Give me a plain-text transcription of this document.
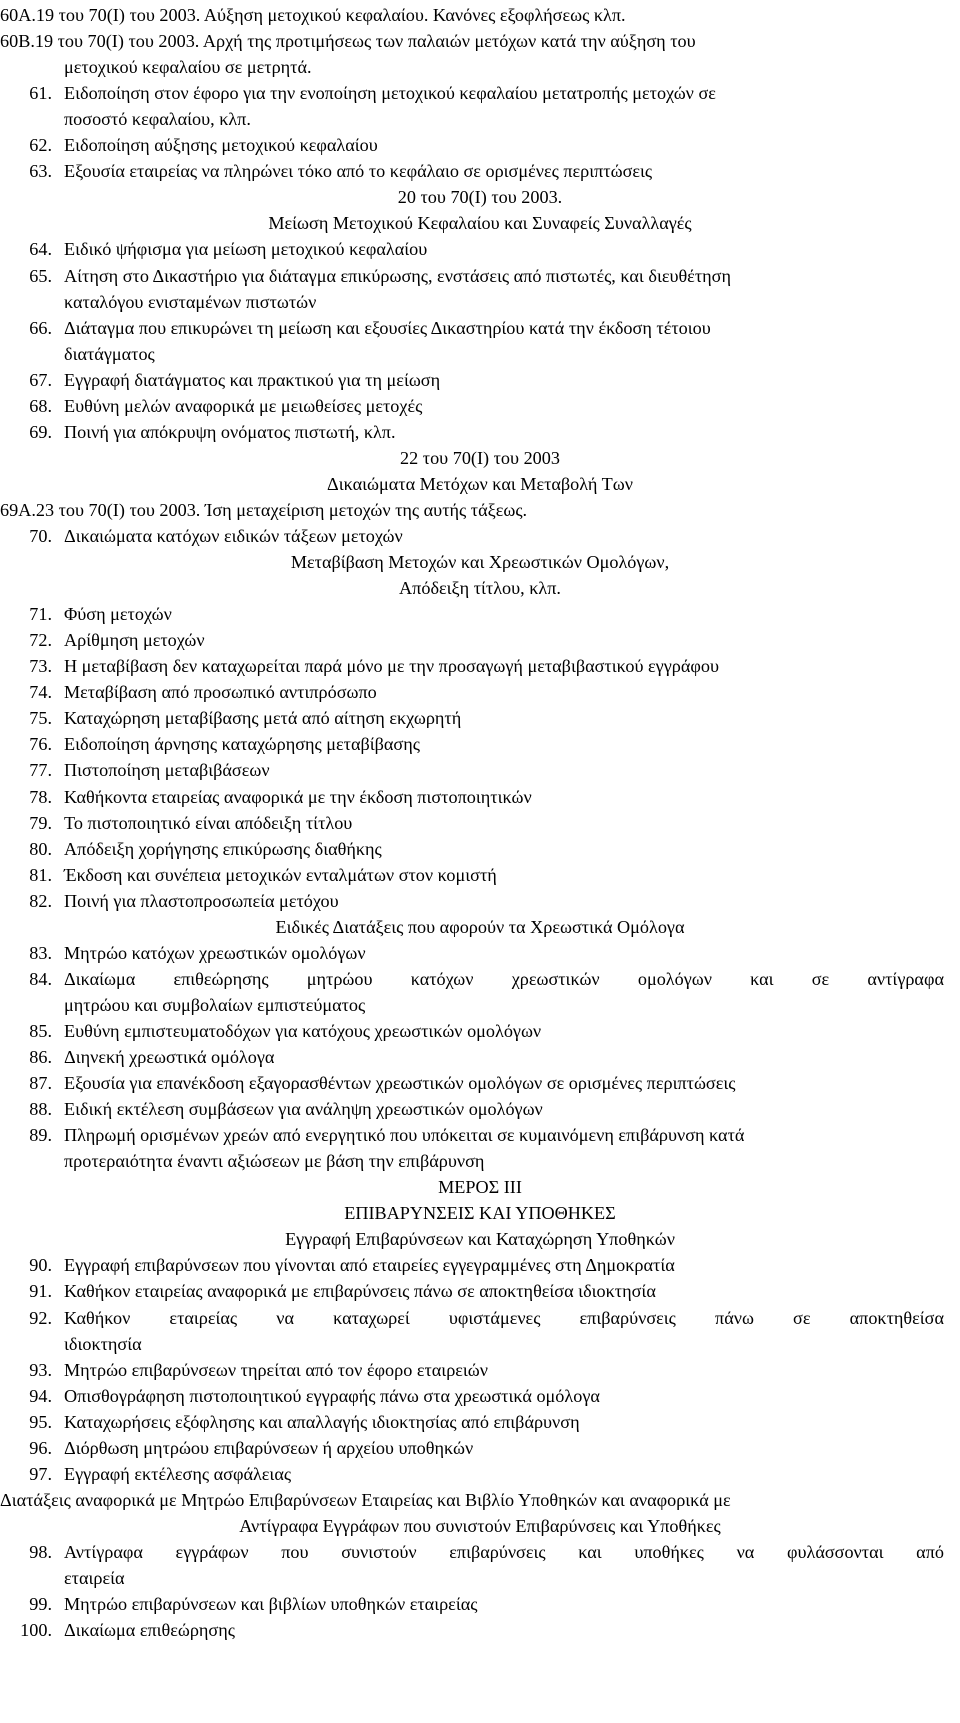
60Α.19 του 70(Ι) του 2003. Αύξηση μετοχικού κεφαλαίου. Κανόνες εξοφλήσεως κλπ.
60Β.19 του 70(Ι) του 2003. Αρχή της προτιμήσεως των παλαιών μετόχων κατά την αύξηση του
μετοχικού κεφαλαίου σε μετρητά.
61. Ειδοποίηση στον έφορο για την ενοποίηση μετοχικού κεφαλαίου μετατροπής μετοχών σε
ποσοστό κεφαλαίου, κλπ.
62. Ειδοποίηση αύξησης μετοχικού κεφαλαίου
63. Εξουσία εταιρείας να πληρώνει τόκο από το κεφάλαιο σε ορισμένες περιπτώσεις
20 του 70(Ι) του 2003.
Μείωση Μετοχικού Κεφαλαίου και Συναφείς Συναλλαγές
64. Ειδικό ψήφισμα για μείωση μετοχικού κεφαλαίου
65. Αίτηση στο Δικαστήριο για διάταγμα επικύρωσης, ενστάσεις από πιστωτές, και διευθέτηση
καταλόγου ενισταμένων πιστωτών
66. Διάταγμα που επικυρώνει τη μείωση και εξουσίες Δικαστηρίου κατά την έκδοση τέτοιου
διατάγματος
67. Εγγραφή διατάγματος και πρακτικού για τη μείωση
68. Ευθύνη μελών αναφορικά με μειωθείσες μετοχές
69. Ποινή για απόκρυψη ονόματος πιστωτή, κλπ.
22 του 70(Ι) του 2003
Δικαιώματα Μετόχων και Μεταβολή Των
69Α.23 του 70(Ι) του 2003. Ίση μεταχείριση μετοχών της αυτής τάξεως.
70. Δικαιώματα κατόχων ειδικών τάξεων μετοχών
Μεταβίβαση Μετοχών και Χρεωστικών Ομολόγων,
Απόδειξη τίτλου, κλπ.
71. Φύση μετοχών
72. Αρίθμηση μετοχών
73. Η μεταβίβαση δεν καταχωρείται παρά μόνο με την προσαγωγή μεταβιβαστικού εγγράφου
74. Μεταβίβαση από προσωπικό αντιπρόσωπο
75. Καταχώρηση μεταβίβασης μετά από αίτηση εκχωρητή
76. Ειδοποίηση άρνησης καταχώρησης μεταβίβασης
77. Πιστοποίηση μεταβιβάσεων
78. Καθήκοντα εταιρείας αναφορικά με την έκδοση πιστοποιητικών
79. Το πιστοποιητικό είναι απόδειξη τίτλου
80. Απόδειξη χορήγησης επικύρωσης διαθήκης
81. Έκδοση και συνέπεια μετοχικών ενταλμάτων στον κομιστή
82. Ποινή για πλαστοπροσωπεία μετόχου
Ειδικές Διατάξεις που αφορούν τα Χρεωστικά Ομόλογα
83. Μητρώο κατόχων χρεωστικών ομολόγων
84. Δικαίωμα επιθεώρησης μητρώου κατόχων χρεωστικών ομολόγων και σε αντίγραφα
μητρώου και συμβολαίων εμπιστεύματος
85. Ευθύνη εμπιστευματοδόχων για κατόχους χρεωστικών ομολόγων
86. Διηνεκή χρεωστικά ομόλογα
87. Εξουσία για επανέκδοση εξαγορασθέντων χρεωστικών ομολόγων σε ορισμένες περιπτώσεις
88. Ειδική εκτέλεση συμβάσεων για ανάληψη χρεωστικών ομολόγων
89. Πληρωμή ορισμένων χρεών από ενεργητικό που υπόκειται σε κυμαινόμενη επιβάρυνση κατά
προτεραιότητα έναντι αξιώσεων με βάση την επιβάρυνση
ΜΕΡΟΣ III
ΕΠΙΒΑΡΥΝΣΕΙΣ ΚΑΙ ΥΠΟΘΗΚΕΣ
Εγγραφή Επιβαρύνσεων και Καταχώρηση Υποθηκών
90. Εγγραφή επιβαρύνσεων που γίνονται από εταιρείες εγγεγραμμένες στη Δημοκρατία
91. Καθήκον εταιρείας αναφορικά με επιβαρύνσεις πάνω σε αποκτηθείσα ιδιοκτησία
92. Καθήκον εταιρείας να καταχωρεί υφιστάμενες επιβαρύνσεις πάνω σε αποκτηθείσα
ιδιοκτησία
93. Μητρώο επιβαρύνσεων τηρείται από τον έφορο εταιρειών
94. Οπισθογράφηση πιστοποιητικού εγγραφής πάνω στα χρεωστικά ομόλογα
95. Καταχωρήσεις εξόφλησης και απαλλαγής ιδιοκτησίας από επιβάρυνση
96. Διόρθωση μητρώου επιβαρύνσεων ή αρχείου υποθηκών
97. Εγγραφή εκτέλεσης ασφάλειας
Διατάξεις αναφορικά με Μητρώο Επιβαρύνσεων Εταιρείας και Βιβλίο Υποθηκών και αναφορικά με
Αντίγραφα Εγγράφων που συνιστούν Επιβαρύνσεις και Υποθήκες
98. Αντίγραφα εγγράφων που συνιστούν επιβαρύνσεις και υποθήκες να φυλάσσονται από
εταιρεία
99. Μητρώο επιβαρύνσεων και βιβλίων υποθηκών εταιρείας
100. Δικαίωμα επιθεώρησης
